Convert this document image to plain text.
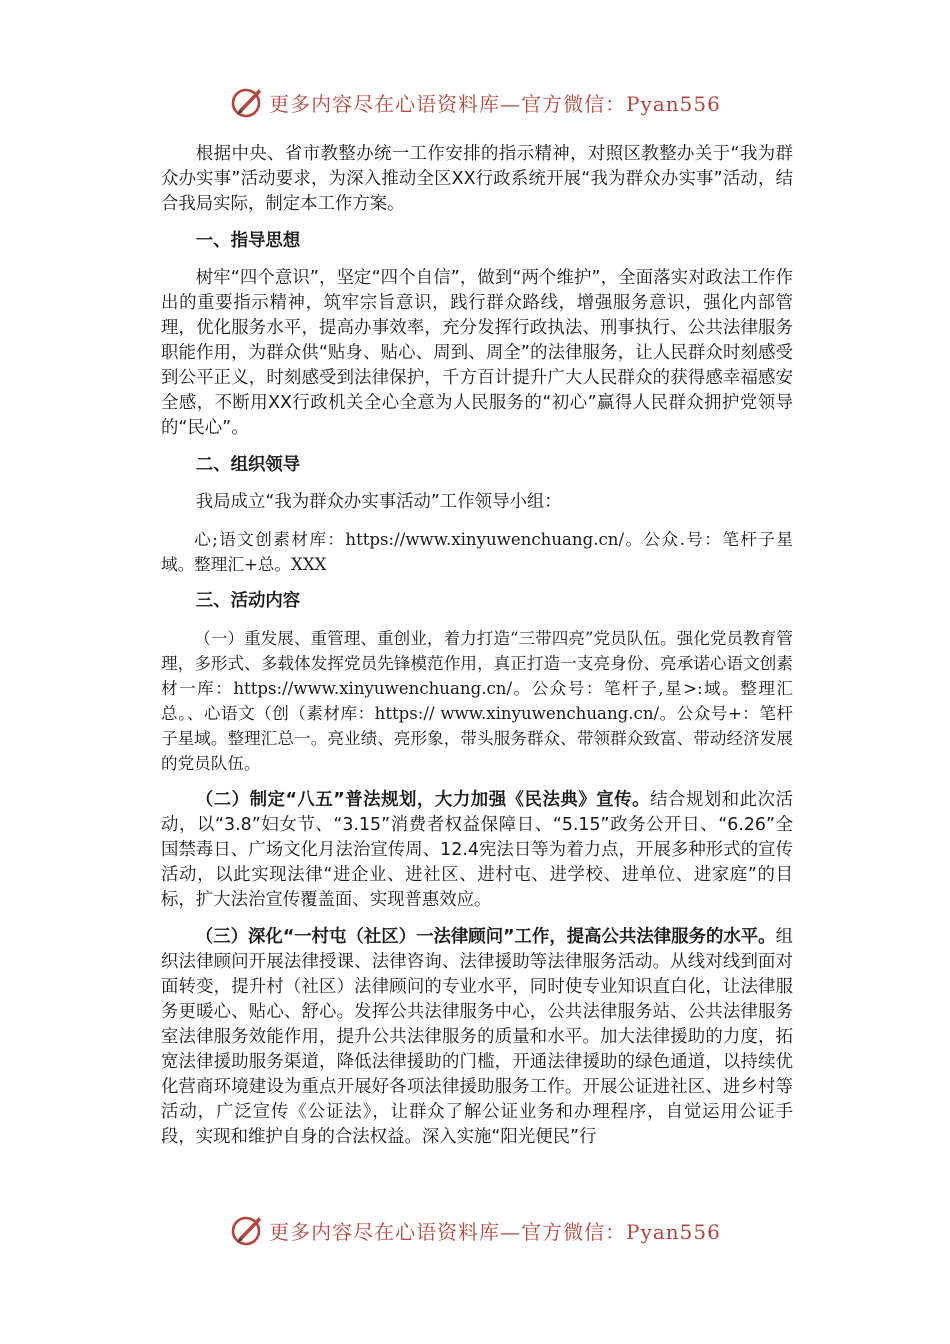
更多内容尽在心语资料库—官方微信：Pyan556

根据中央、省市教整办统一工作安排的指示精神，对照区教整办关于“我为群众办实事”活动要求，为深入推动全区XX行政系统开展“我为群众办实事”活动，结合我局实际，制定本工作方案。

一、指导思想

树牢“四个意识”，坚定“四个自信”，做到“两个维护”，全面落实对政法工作作出的重要指示精神，筑牢宗旨意识，践行群众路线，增强服务意识，强化内部管理，优化服务水平，提高办事效率，充分发挥行政执法、刑事执行、公共法律服务职能作用，为群众供“贴身、贴心、周到、周全”的法律服务，让人民群众时刻感受到公平正义，时刻感受到法律保护，千方百计提升广大人民群众的获得感幸福感安全感，不断用XX行政机关全心全意为人民服务的“初心”赢得人民群众拥护党领导的“民心”。

二、组织领导

我局成立“我为群众办实事活动”工作领导小组：

心;语文创素材库：https://www.xinyuwenchuang.cn/。公众.号：笔杆子星域。整理汇+总。XXX

三、活动内容

（一）重发展、重管理、重创业，着力打造“三带四亮”党员队伍。强化党员教育管理，多形式、多载体发挥党员先锋模范作用，真正打造一支亮身份、亮承诺心语文创素材一库：https://www.xinyuwenchuang.cn/。公众号：笔杆子,星>:域。整理汇总。、心语文（创（素材库：https:// www.xinyuwenchuang.cn/。公众号+：笔杆子星域。整理汇总一。亮业绩、亮形象，带头服务群众、带领群众致富、带动经济发展的党员队伍。

（二）制定“八五”普法规划，大力加强《民法典》宣传。结合规划和此次活动，以“3.8”妇女节、“3.15”消费者权益保障日、“5.15”政务公开日、“6.26”全国禁毒日、广场文化月法治宣传周、12.4宪法日等为着力点，开展多种形式的宣传活动，以此实现法律“进企业、进社区、进村屯、进学校、进单位、进家庭”的目标，扩大法治宣传覆盖面、实现普惠效应。

（三）深化“一村屯（社区）一法律顾问”工作，提高公共法律服务的水平。组织法律顾问开展法律授课、法律咨询、法律援助等法律服务活动。从线对线到面对面转变，提升村（社区）法律顾问的专业水平，同时使专业知识直白化，让法律服务更暖心、贴心、舒心。发挥公共法律服务中心，公共法律服务站、公共法律服务室法律服务效能作用，提升公共法律服务的质量和水平。加大法律援助的力度，拓宽法律援助服务渠道，降低法律援助的门槛，开通法律援助的绿色通道，以持续优化营商环境建设为重点开展好各项法律援助服务工作。开展公证进社区、进乡村等活动，广泛宣传《公证法》，让群众了解公证业务和办理程序，自觉运用公证手段，实现和维护自身的合法权益。深入实施“阳光便民”行

更多内容尽在心语资料库—官方微信：Pyan556
